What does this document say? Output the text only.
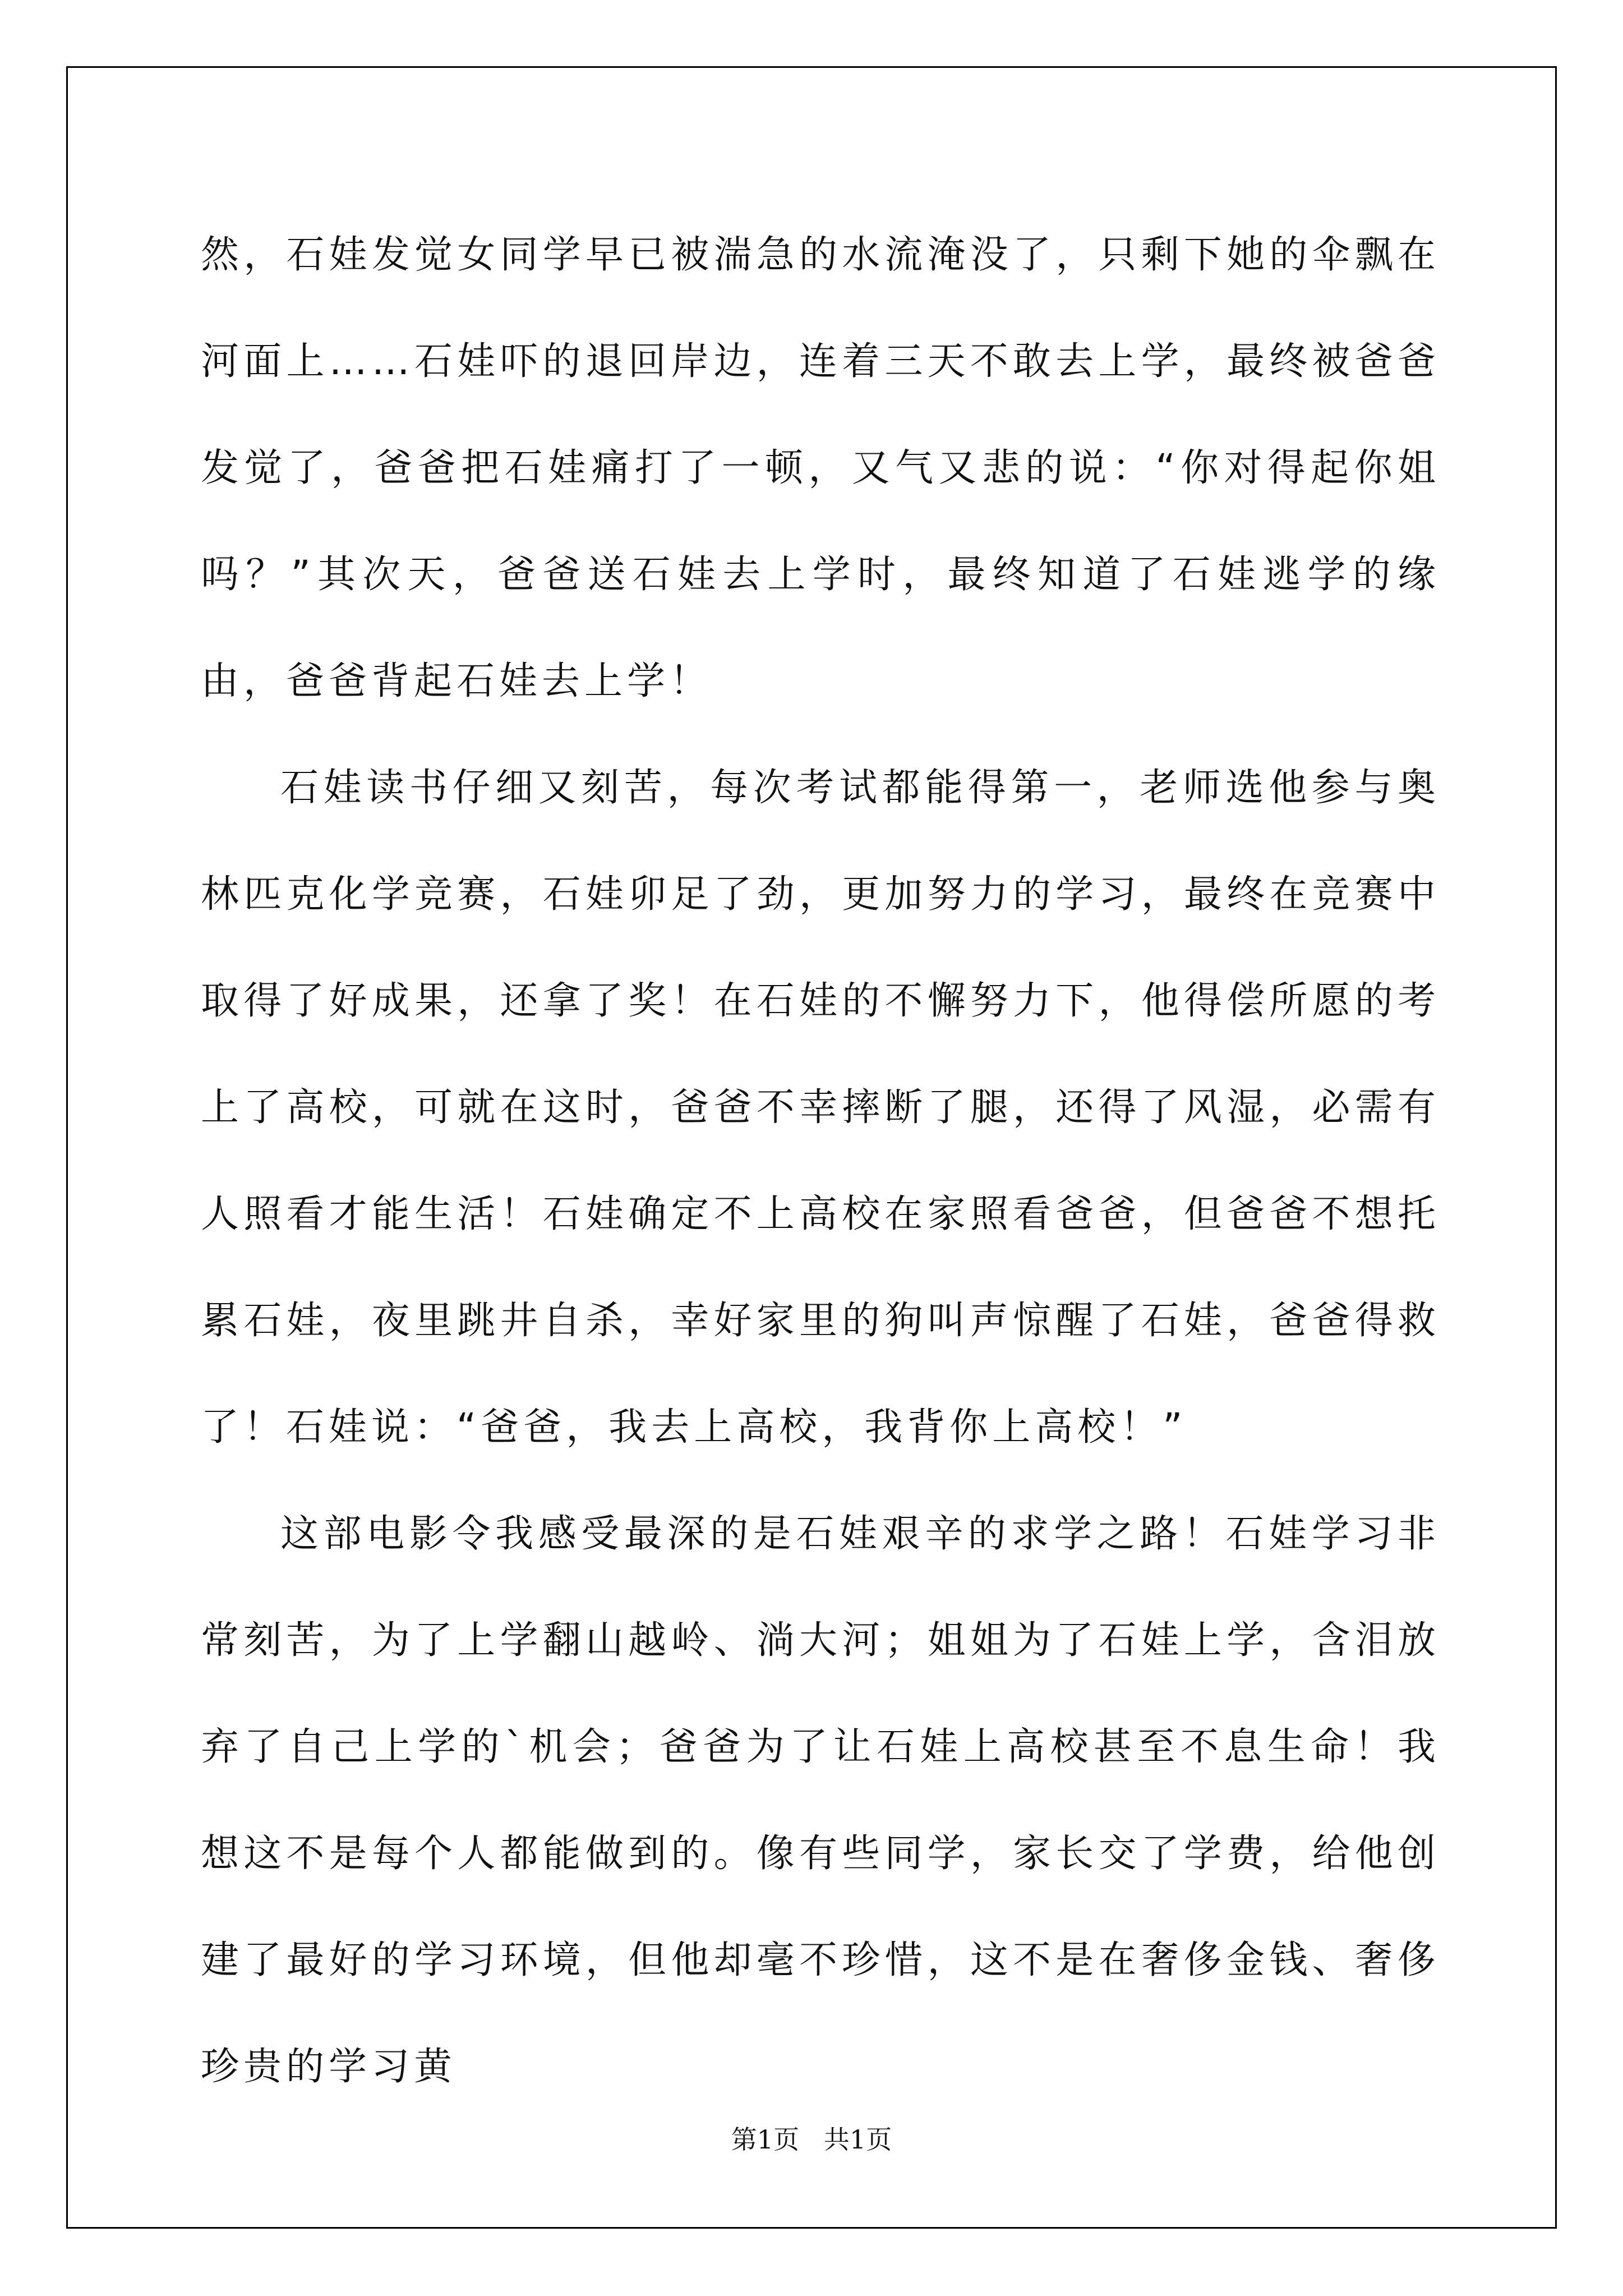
然，石娃发觉女同学早已被湍急的水流淹没了，只剩下她的伞飘在河面上……石娃吓的退回岸边，连着三天不敢去上学，最终被爸爸发觉了，爸爸把石娃痛打了一顿，又气又悲的说：“你对得起你姐吗？”其次天，爸爸送石娃去上学时，最终知道了石娃逃学的缘由，爸爸背起石娃去上学！

石娃读书仔细又刻苦，每次考试都能得第一，老师选他参与奥林匹克化学竞赛，石娃卯足了劲，更加努力的学习，最终在竞赛中取得了好成果，还拿了奖！在石娃的不懈努力下，他得偿所愿的考上了高校，可就在这时，爸爸不幸摔断了腿，还得了风湿，必需有人照看才能生活！石娃确定不上高校在家照看爸爸，但爸爸不想托累石娃，夜里跳井自杀，幸好家里的狗叫声惊醒了石娃，爸爸得救了！石娃说：“爸爸，我去上高校，我背你上高校！”

这部电影令我感受最深的是石娃艰辛的求学之路！石娃学习非常刻苦，为了上学翻山越岭、淌大河；姐姐为了石娃上学，含泪放弃了自己上学的`机会；爸爸为了让石娃上高校甚至不息生命！我想这不是每个人都能做到的。像有些同学，家长交了学费，给他创建了最好的学习环境，但他却毫不珍惜，这不是在奢侈金钱、奢侈珍贵的学习黄

第1页   共1页
